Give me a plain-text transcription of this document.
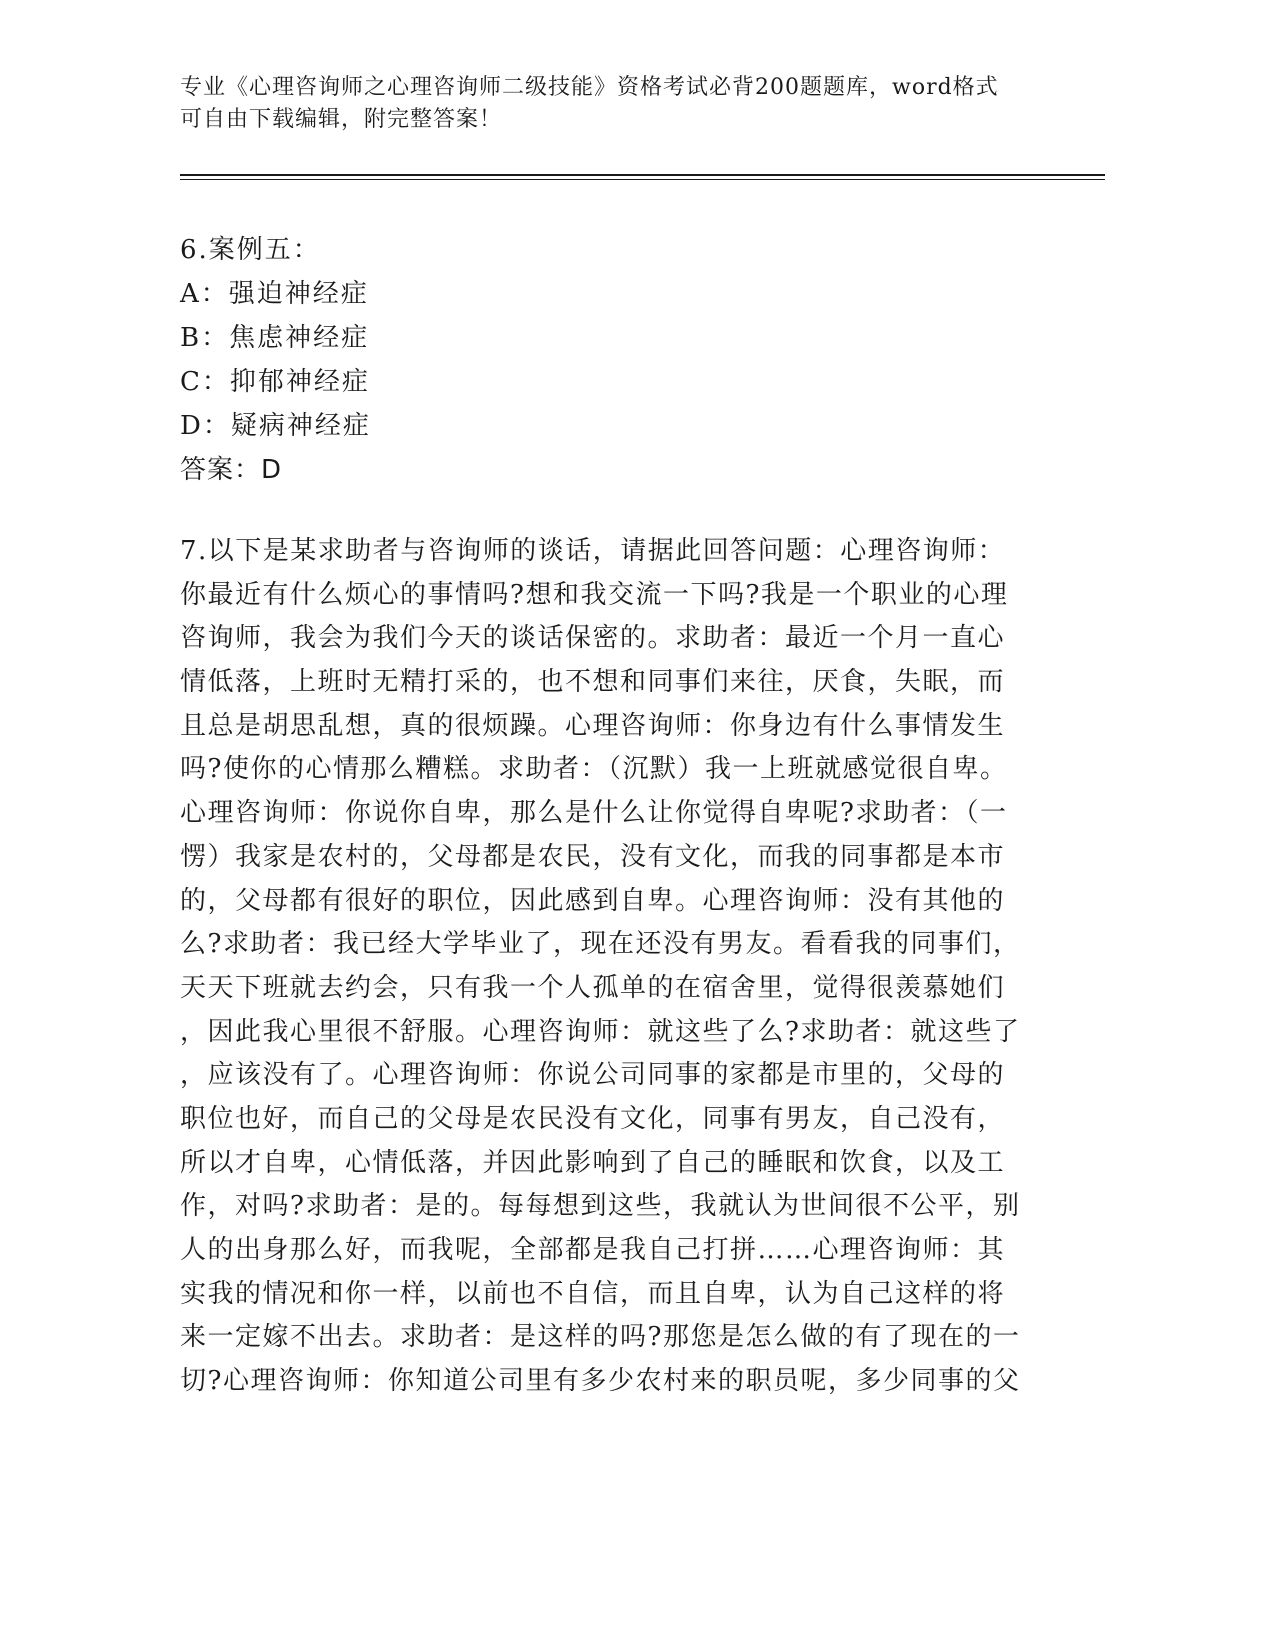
专业《心理咨询师之心理咨询师二级技能》资格考试必背200题题库，word格式
可自由下载编辑，附完整答案！
6.案例五：
A：强迫神经症
B：焦虑神经症
C：抑郁神经症
D：疑病神经症
答案：D
7.以下是某求助者与咨询师的谈话，请据此回答问题：心理咨询师：
你最近有什么烦心的事情吗?想和我交流一下吗?我是一个职业的心理
咨询师，我会为我们今天的谈话保密的。求助者：最近一个月一直心
情低落，上班时无精打采的，也不想和同事们来往，厌食，失眠，而
且总是胡思乱想，真的很烦躁。心理咨询师：你身边有什么事情发生
吗?使你的心情那么糟糕。求助者：（沉默）我一上班就感觉很自卑。
心理咨询师：你说你自卑，那么是什么让你觉得自卑呢?求助者：（一
愣）我家是农村的，父母都是农民，没有文化，而我的同事都是本市
的，父母都有很好的职位，因此感到自卑。心理咨询师：没有其他的
么?求助者：我已经大学毕业了，现在还没有男友。看看我的同事们，
天天下班就去约会，只有我一个人孤单的在宿舍里，觉得很羡慕她们
，因此我心里很不舒服。心理咨询师：就这些了么?求助者：就这些了
，应该没有了。心理咨询师：你说公司同事的家都是市里的，父母的
职位也好，而自己的父母是农民没有文化，同事有男友，自己没有，
所以才自卑，心情低落，并因此影响到了自己的睡眠和饮食，以及工
作，对吗?求助者：是的。每每想到这些，我就认为世间很不公平，别
人的出身那么好，而我呢，全部都是我自己打拼……心理咨询师：其
实我的情况和你一样，以前也不自信，而且自卑，认为自己这样的将
来一定嫁不出去。求助者：是这样的吗?那您是怎么做的有了现在的一
切?心理咨询师：你知道公司里有多少农村来的职员呢，多少同事的父
